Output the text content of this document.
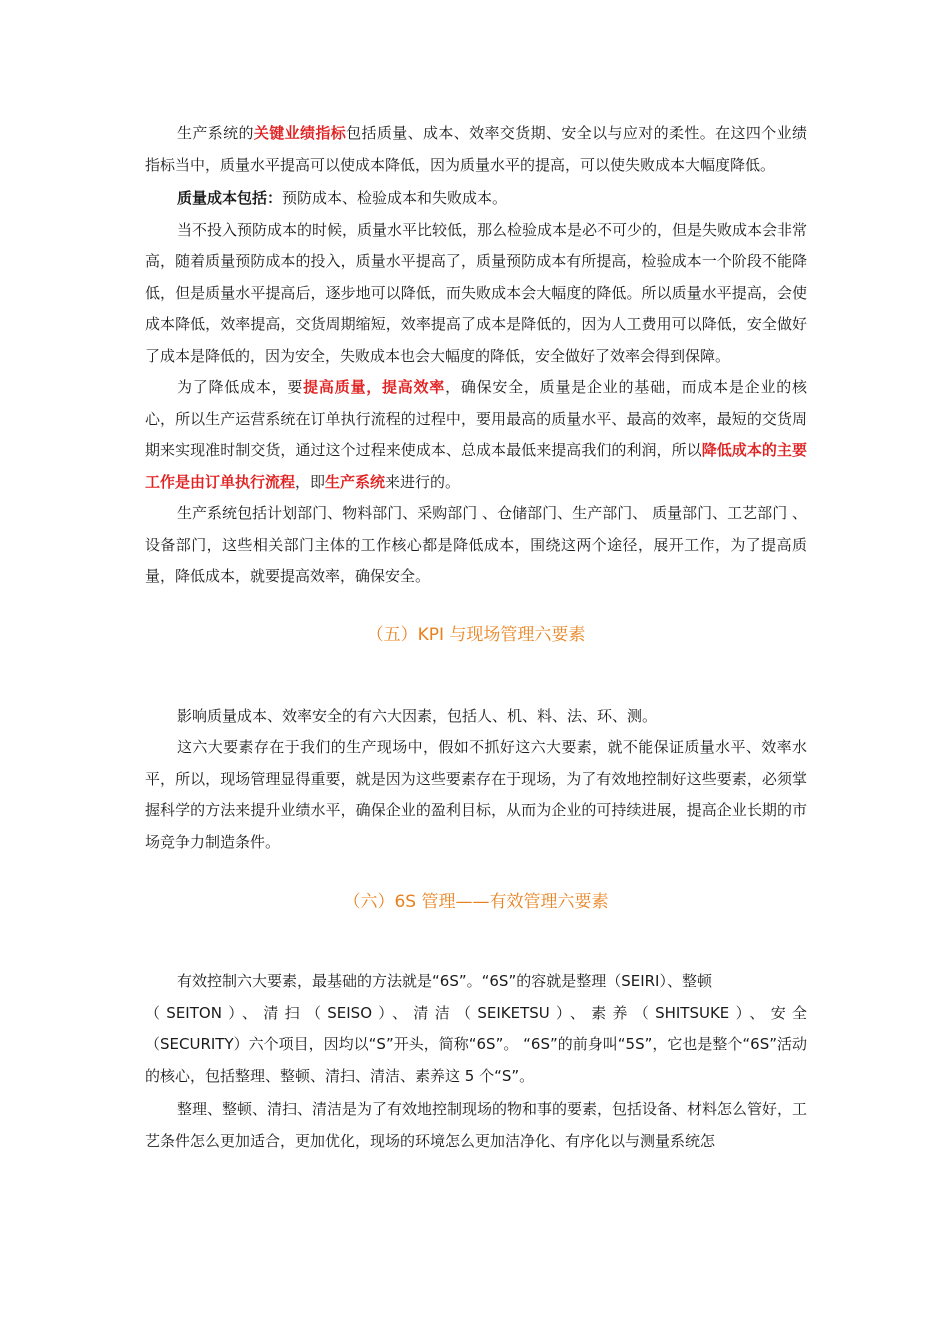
生产系统的关键业绩指标包括质量、成本、效率交货期、安全以与应对的柔性。在这四个业绩指标当中，质量水平提高可以使成本降低，因为质量水平的提高，可以使失败成本大幅度降低。

质量成本包括：预防成本、检验成本和失败成本。

当不投入预防成本的时候，质量水平比较低，那么检验成本是必不可少的，但是失败成本会非常高，随着质量预防成本的投入，质量水平提高了，质量预防成本有所提高，检验成本一个阶段不能降低，但是质量水平提高后，逐步地可以降低，而失败成本会大幅度的降低。所以质量水平提高，会使成本降低，效率提高，交货周期缩短，效率提高了成本是降低的，因为人工费用可以降低，安全做好了成本是降低的，因为安全，失败成本也会大幅度的降低，安全做好了效率会得到保障。

为了降低成本，要提高质量，提高效率，确保安全，质量是企业的基础，而成本是企业的核心，所以生产运营系统在订单执行流程的过程中，要用最高的质量水平、最高的效率，最短的交货周期来实现准时制交货，通过这个过程来使成本、总成本最低来提高我们的利润，所以降低成本的主要工作是由订单执行流程，即生产系统来进行的。

生产系统包括计划部门、物料部门、采购部门 、仓储部门、生产部门、 质量部门、工艺部门 、设备部门，这些相关部门主体的工作核心都是降低成本，围绕这两个途径，展开工作，为了提高质量，降低成本，就要提高效率，确保安全。

（五）KPI 与现场管理六要素

影响质量成本、效率安全的有六大因素，包括人、机、料、法、环、测。

这六大要素存在于我们的生产现场中，假如不抓好这六大要素，就不能保证质量水平、效率水平，所以，现场管理显得重要，就是因为这些要素存在于现场，为了有效地控制好这些要素，必须掌握科学的方法来提升业绩水平，确保企业的盈利目标，从而为企业的可持续进展，提高企业长期的市场竞争力制造条件。

（六）6S 管理——有效管理六要素

有效控制六大要素，最基础的方法就是“6S”。“6S”的容就是整理（SEIRI）、整顿

（SEITON）、清扫（SEISO）、清洁（SEIKETSU）、素养（SHITSUKE）、安全

（SECURITY）六个项目，因均以“S”开头，简称“6S”。 “6S”的前身叫“5S”，它也是整个“6S”活动的核心，包括整理、整顿、清扫、清洁、素养这 5 个“S”。

整理、整顿、清扫、清洁是为了有效地控制现场的物和事的要素，包括设备、材料怎么管好，工艺条件怎么更加适合，更加优化，现场的环境怎么更加洁净化、有序化以与测量系统怎
